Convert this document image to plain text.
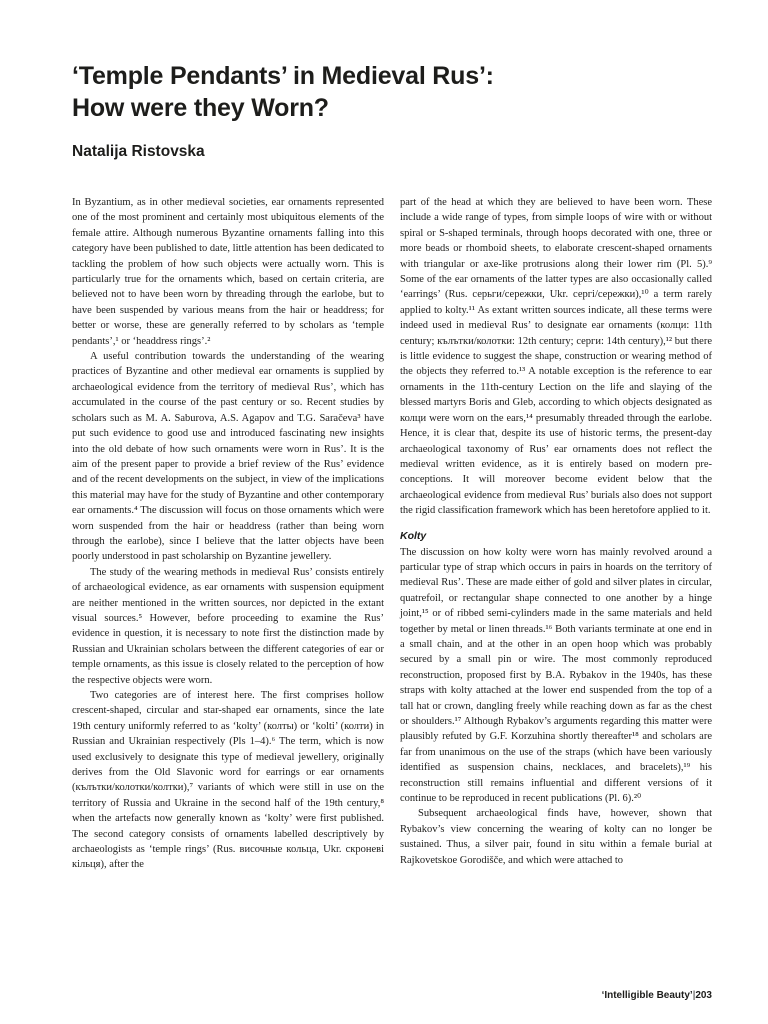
‘Temple Pendants’ in Medieval Rus’:
How were they Worn?
Natalija Ristovska

In Byzantium, as in other medieval societies, ear ornaments represented one of the most prominent and certainly most ubiquitous elements of the female attire. Although numerous Byzantine ornaments falling into this category have been published to date, little attention has been dedicated to tackling the problem of how such objects were actually worn. This is particularly true for the ornaments which, based on certain criteria, are believed not to have been worn by threading through the earlobe, but to have been suspended by various means from the hair or headdress; for better or worse, these are generally referred to by scholars as ‘temple pendants’,¹ or ‘headdress rings’.²

A useful contribution towards the understanding of the wearing practices of Byzantine and other medieval ear ornaments is supplied by archaeological evidence from the territory of medieval Rus’, which has accumulated in the course of the past century or so. Recent studies by scholars such as M. A. Saburova, A.S. Agapov and T.G. Saračeva³ have put such evidence to good use and introduced fascinating new insights into the old debate of how such ornaments were worn in Rus’. It is the aim of the present paper to provide a brief review of the Rus’ evidence and of the recent developments on the subject, in view of the implications this material may have for the study of Byzantine and other contemporary ear ornaments.⁴ The discussion will focus on those ornaments which were worn suspended from the hair or headdress (rather than being worn through the earlobe), since I believe that the latter objects have been poorly understood in past scholarship on Byzantine jewellery.

The study of the wearing methods in medieval Rus’ consists entirely of archaeological evidence, as ear ornaments with suspension equipment are neither mentioned in the written sources, nor depicted in the extant visual sources.⁵ However, before proceeding to examine the Rus’ evidence in question, it is necessary to note first the distinction made by Russian and Ukrainian scholars between the different categories of ear or temple ornaments, as this issue is closely related to the perception of how the respective objects were worn.

Two categories are of interest here. The first comprises hollow crescent-shaped, circular and star-shaped ear ornaments, since the late 19th century uniformly referred to as ‘kolty’ (колты) or ‘kolti’ (колти) in Russian and Ukrainian respectively (Pls 1–4).⁶ The term, which is now used exclusively to designate this type of medieval jewellery, originally derives from the Old Slavonic word for earrings or ear ornaments (кълътки/колотки/колтки),⁷ variants of which were still in use on the territory of Russia and Ukraine in the second half of the 19th century,⁸ when the artefacts now generally known as ‘kolty’ were first published. The second category consists of ornaments labelled descriptively by archaeologists as ‘temple rings’ (Rus. височные кольца, Ukr. скроневі кільця), after the

part of the head at which they are believed to have been worn. These include a wide range of types, from simple loops of wire with or without spiral or S-shaped terminals, through hoops decorated with one, three or more beads or rhomboid sheets, to elaborate crescent-shaped ornaments with triangular or axe-like protrusions along their lower rim (Pl. 5).⁹ Some of the ear ornaments of the latter types are also occasionally called ‘earrings’ (Rus. серьги/сережки, Ukr. сергi/сережки),¹⁰ a term rarely applied to kolty.¹¹ As extant written sources indicate, all these terms were indeed used in medieval Rus’ to designate ear ornaments (колци: 11th century; кълътки/колотки: 12th century; серги: 14th century),¹² but there is little evidence to suggest the shape, construction or wearing method of the objects they referred to.¹³ A notable exception is the reference to ear ornaments in the 11th-century Lection on the life and slaying of the blessed martyrs Boris and Gleb, according to which objects designated as колци were worn on the ears,¹⁴ presumably threaded through the earlobe. Hence, it is clear that, despite its use of historic terms, the present-day archaeological taxonomy of Rus’ ear ornaments does not reflect the medieval written evidence, as it is entirely based on modern pre-conceptions. It will moreover become evident below that the archaeological evidence from medieval Rus’ burials also does not support the rigid classification framework which has been heretofore applied to it.

Kolty

The discussion on how kolty were worn has mainly revolved around a particular type of strap which occurs in pairs in hoards on the territory of medieval Rus’. These are made either of gold and silver plates in circular, quatrefoil, or rectangular shape connected to one another by a hinge joint,¹⁵ or of ribbed semi-cylinders made in the same materials and held together by metal or linen threads.¹⁶ Both variants terminate at one end in a small chain, and at the other in an open hoop which was probably secured by a small pin or wire. The most commonly reproduced reconstruction, proposed first by B.A. Rybakov in the 1940s, has these straps with kolty attached at the lower end suspended from the top of a tall hat or crown, dangling freely while reaching down as far as the chest or shoulders.¹⁷ Although Rybakov’s arguments regarding this matter were plausibly refuted by G.F. Korzuhina shortly thereafter¹⁸ and scholars are far from unanimous on the use of the straps (which have been variously identified as suspension chains, necklaces, and bracelets),¹⁹ his reconstruction still remains influential and different versions of it continue to be reproduced in recent publications (Pl. 6).²⁰

Subsequent archaeological finds have, however, shown that Rybakov’s view concerning the wearing of kolty can no longer be sustained. Thus, a silver pair, found in situ within a female burial at Rajkovetskoe Gorodišče, and which were attached to

‘Intelligible Beauty’|203
